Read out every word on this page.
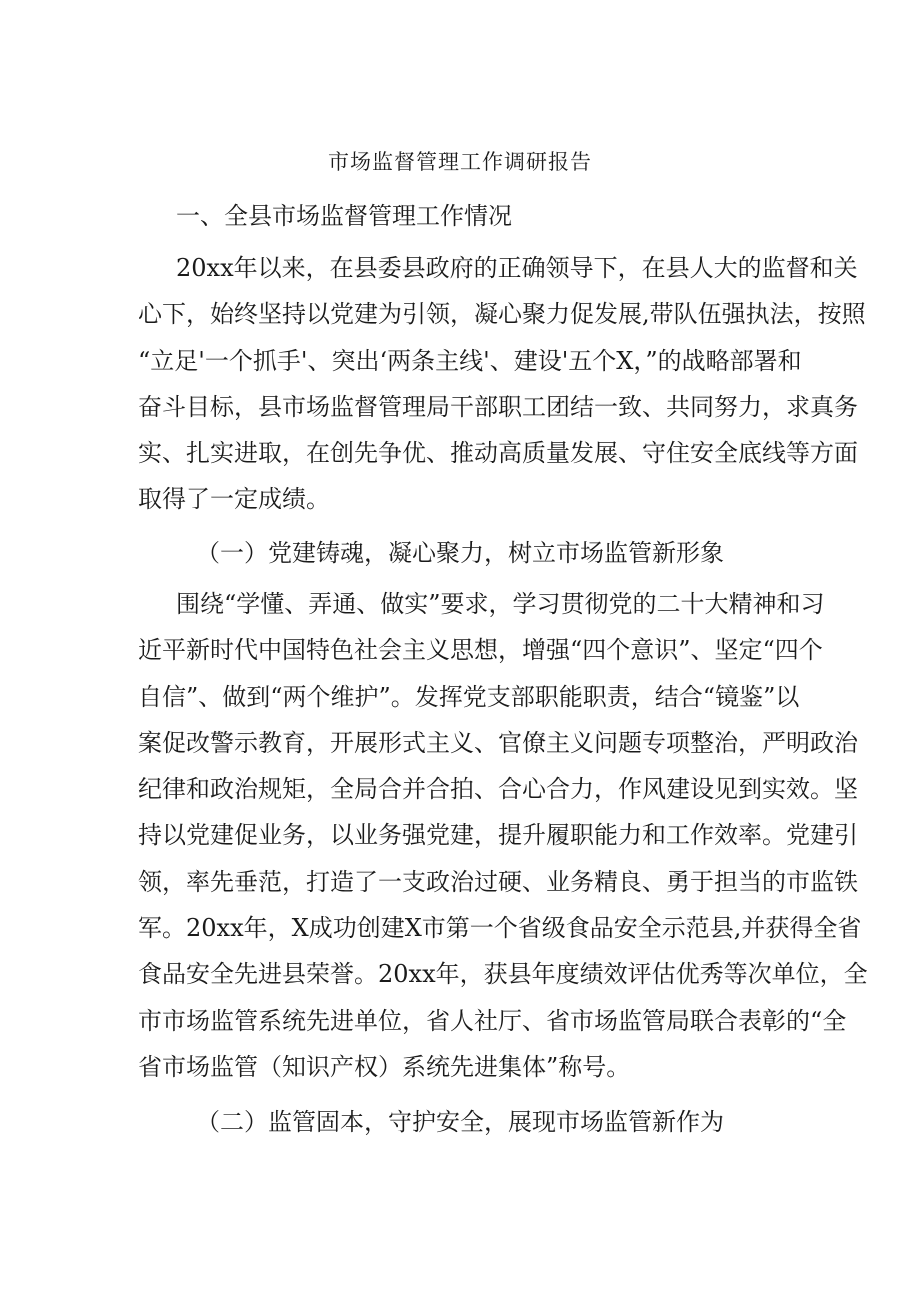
市场监督管理工作调研报告
一、全县市场监督管理工作情况
20xx年以来，在县委县政府的正确领导下，在县人大的监督和关
心下，始终坚持以党建为引领，凝心聚力促发展,带队伍强执法，按照
“立足'一个抓手'、突出‘两条主线'、建设'五个X，”的战略部署和
奋斗目标，县市场监督管理局干部职工团结一致、共同努力，求真务
实、扎实进取，在创先争优、推动高质量发展、守住安全底线等方面
取得了一定成绩。
（一）党建铸魂，凝心聚力，树立市场监管新形象
围绕“学懂、弄通、做实”要求，学习贯彻党的二十大精神和习
近平新时代中国特色社会主义思想，增强“四个意识”、坚定“四个
自信”、做到“两个维护”。发挥党支部职能职责，结合“镜鉴”以
案促改警示教育，开展形式主义、官僚主义问题专项整治，严明政治
纪律和政治规矩，全局合并合拍、合心合力，作风建设见到实效。坚
持以党建促业务，以业务强党建，提升履职能力和工作效率。党建引
领，率先垂范，打造了一支政治过硬、业务精良、勇于担当的市监铁
军。20xx年，X成功创建X市第一个省级食品安全示范县,并获得全省
食品安全先进县荣誉。20xx年，获县年度绩效评估优秀等次单位，全
市市场监管系统先进单位，省人社厅、省市场监管局联合表彰的“全
省市场监管（知识产权）系统先进集体”称号。
（二）监管固本，守护安全，展现市场监管新作为
